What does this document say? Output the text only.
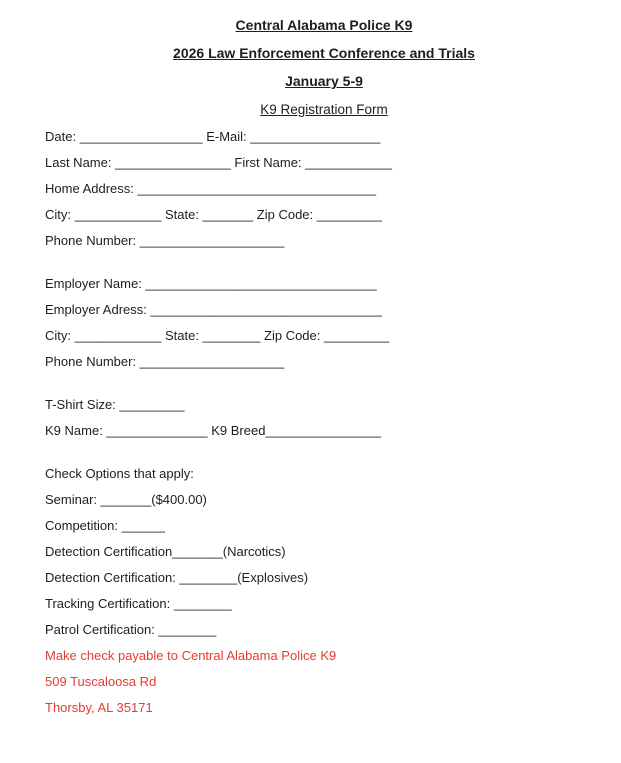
Central Alabama Police K9
2026 Law Enforcement Conference and Trials
January 5-9
K9 Registration Form

Date: _________________ E-Mail: __________________

Last Name: ________________ First Name: ____________

Home Address: _________________________________

City: ____________ State: _______ Zip Code: _________

Phone Number: ____________________

Employer Name: ________________________________

Employer Adress: ________________________________

City: ____________ State: ________ Zip Code: _________

Phone Number: ____________________

T-Shirt Size: _________

K9 Name: ______________ K9 Breed________________

Check Options that apply:

Seminar: _______($400.00)

Competition: ______

Detection Certification_______(Narcotics)

Detection Certification: ________(Explosives)

Tracking Certification: ________

Patrol Certification: ________

Make check payable to Central Alabama Police K9

509 Tuscaloosa Rd

Thorsby, AL 35171
